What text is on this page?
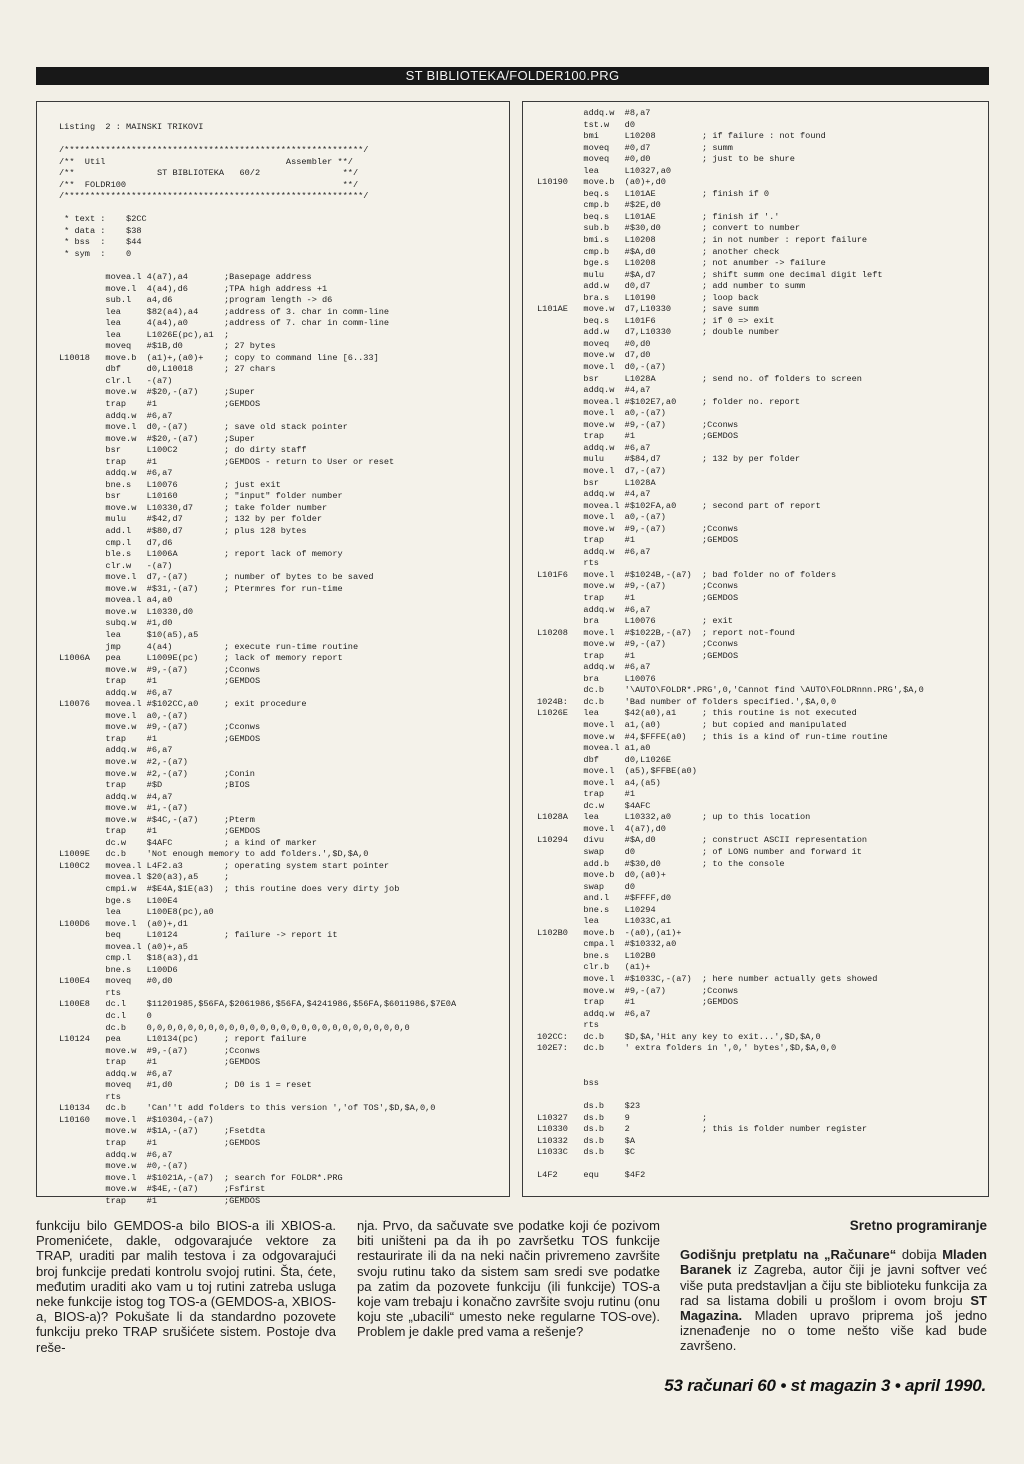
ST BIBLIOTEKA/FOLDER100.PRG
Listing  2 : MAINSKI TRIKOVI

/**********************************************************/
/**  Util                                   Assembler **/
/**                ST BIBLIOTEKA   60/2                **/
/**  FOLDR100                                          **/
/**********************************************************/

* text :    $2CC
* data :    $38
* bss  :    $44
* sym  :    0
movea.l 4(a7),a4       ;Basepage address
move.l  4(a4),d6       ;TPA high address +1
sub.l   a4,d6          ;program length -> d6
lea     $82(a4),a4     ;address of 3. char in comm-line
lea     4(a4),a0       ;address of 7. char in comm-line
lea     L1026E(pc),a1  ;
moveq   #$1B,d0        ; 27 bytes
L10018   move.b  (a1)+,(a0)+    ; copy to command line [6..33]
dbf     d0,L10018      ; 27 chars
clr.l   -(a7)
move.w  #$20,-(a7)     ;Super
trap    #1             ;GEMDOS
addq.w  #6,a7
move.l  d0,-(a7)       ; save old stack pointer
move.w  #$20,-(a7)     ;Super
bsr     L100C2         ; do dirty staff
trap    #1             ;GEMDOS - return to User or reset
addq.w  #6,a7
bne.s   L10076         ; just exit
bsr     L10160         ; "input" folder number
move.w  L10330,d7      ; take folder number
mulu    #$42,d7        ; 132 by per folder
add.l   #$80,d7        ; plus 128 bytes
cmp.l   d7,d6
ble.s   L1006A         ; report lack of memory
clr.w   -(a7)
move.l  d7,-(a7)       ; number of bytes to be saved
move.w  #$31,-(a7)     ; Ptermres for run-time
movea.l a4,a0
move.w  L10330,d0
subq.w  #1,d0
lea     $10(a5),a5
jmp     4(a4)          ; execute run-time routine
L1006A   pea     L1009E(pc)     ; lack of memory report
move.w  #9,-(a7)       ;Cconws
trap    #1             ;GEMDOS
addq.w  #6,a7
L10076   movea.l #$102CC,a0     ; exit procedure
move.l  a0,-(a7)
move.w  #9,-(a7)       ;Cconws
trap    #1             ;GEMDOS
addq.w  #6,a7
move.w  #2,-(a7)
move.w  #2,-(a7)       ;Conin
trap    #$D            ;BIOS
addq.w  #4,a7
move.w  #1,-(a7)
move.w  #$4C,-(a7)     ;Pterm
trap    #1             ;GEMDOS
dc.w    $4AFC          ; a kind of marker
L1009E   dc.b    'Not enough memory to add folders.',$D,$A,0
L100C2   movea.l L4F2.a3        ; operating system start pointer
movea.l $20(a3),a5     ;
cmpi.w  #$E4A,$1E(a3)  ; this routine does very dirty job
bge.s   L100E4
lea     L100E8(pc),a0
L100D6   move.l  (a0)+,d1
beq     L10124         ; failure -> report it
movea.l (a0)+,a5
cmp.l   $18(a3),d1
bne.s   L100D6
L100E4   moveq   #0,d0
rts
L100E8   dc.l    $11201985,$56FA,$2061986,$56FA,$4241986,$56FA,$6011986,$7E0A
dc.l    0
dc.b    0,0,0,0,0,0,0,0,0,0,0,0,0,0,0,0,0,0,0,0,0,0,0,0,0,0
L10124   pea     L10134(pc)     ; report failure
move.w  #9,-(a7)       ;Cconws
trap    #1             ;GEMDOS
addq.w  #6,a7
moveq   #1,d0          ; D0 is 1 = reset
rts
L10134   dc.b    'Can''t add folders to this version ','of TOS',$D,$A,0,0
L10160   move.l  #$10304,-(a7)
move.w  #$1A,-(a7)     ;Fsetdta
trap    #1             ;GEMDOS
addq.w  #6,a7
move.w  #0,-(a7)
move.l  #$1021A,-(a7)  ; search for FOLDR*.PRG
move.w  #$4E,-(a7)     ;Fsfirst
trap    #1             ;GEMDOS
addq.w  #8,a7
tst.w   d0
bmi     L10208         ; if failure : not found
moveq   #0,d7          ; summ
moveq   #0,d0          ; just to be shure
lea     L10327,a0
L10190   move.b  (a0)+,d0
beq.s   L101AE         ; finish if 0
cmp.b   #$2E,d0
beq.s   L101AE         ; finish if '.'
sub.b   #$30,d0        ; convert to number
bmi.s   L10208         ; in not number : report failure
cmp.b   #$A,d0         ; another check
bge.s   L10208         ; not anumber -> failure
mulu    #$A,d7         ; shift summ one decimal digit left
add.w   d0,d7          ; add number to summ
bra.s   L10190         ; loop back
L101AE   move.w  d7,L10330      ; save summ
beq.s   L101F6         ; if 0 => exit
add.w   d7,L10330      ; double number
moveq   #0,d0
move.w  d7,d0
move.l  d0,-(a7)
bsr     L1028A         ; send no. of folders to screen
addq.w  #4,a7
movea.l #$102E7,a0     ; folder no. report
move.l  a0,-(a7)
move.w  #9,-(a7)       ;Cconws
trap    #1             ;GEMDOS
addq.w  #6,a7
mulu    #$84,d7        ; 132 by per folder
move.l  d7,-(a7)
bsr     L1028A
addq.w  #4,a7
movea.l #$102FA,a0     ; second part of report
move.l  a0,-(a7)
move.w  #9,-(a7)       ;Cconws
trap    #1             ;GEMDOS
addq.w  #6,a7
rts
L101F6   move.l  #$1024B,-(a7)  ; bad folder no of folders
move.w  #9,-(a7)       ;Cconws
trap    #1             ;GEMDOS
addq.w  #6,a7
bra     L10076         ; exit
L10208   move.l  #$1022B,-(a7)  ; report not-found
move.w  #9,-(a7)       ;Cconws
trap    #1             ;GEMDOS
addq.w  #6,a7
bra     L10076
dc.b    '\AUTO\FOLDR*.PRG',0,'Cannot find \AUTO\FOLDRnnn.PRG',$A,0
1024B:   dc.b    'Bad number of folders specified.',$A,0,0
L1026E   lea     $42(a0),a1     ; this routine is not executed
move.l  a1,(a0)        ; but copied and manipulated
move.w  #4,$FFFE(a0)   ; this is a kind of run-time routine
movea.l a1,a0
dbf     d0,L1026E
move.l  (a5),$FFBE(a0)
move.l  a4,(a5)
trap    #1
dc.w    $4AFC
L1028A   lea     L10332,a0      ; up to this location
move.l  4(a7),d0
L10294   divu    #$A,d0         ; construct ASCII representation
swap    d0             ; of LONG number and forward it
add.b   #$30,d0        ; to the console
move.b  d0,(a0)+
swap    d0
and.l   #$FFFF,d0
bne.s   L10294
lea     L1033C,a1
L102B0   move.b  -(a0),(a1)+
cmpa.l  #$10332,a0
bne.s   L102B0
clr.b   (a1)+
move.l  #$1033C,-(a7)  ; here number actually gets showed
move.w  #9,-(a7)       ;Cconws
trap    #1             ;GEMDOS
addq.w  #6,a7
rts
102CC:   dc.b    $D,$A,'Hit any key to exit...',$D,$A,0
102E7:   dc.b    ' extra folders in ',0,' bytes',$D,$A,0,0

bss

ds.b    $23
L10327   ds.b    9              ;
L10330   ds.b    2              ; this is folder number register
L10332   ds.b    $A
L1033C   ds.b    $C

L4F2     equ     $4F2
funkciju bilo GEMDOS-a bilo BIOS-a ili XBIOS-a. Promenićete, dakle, odgovarajuće vektore za TRAP, uraditi par malih testova i za odgovarajući broj funkcije predati kontrolu svojoj rutini. Šta, ćete, međutim uraditi ako vam u toj rutini zatreba usluga neke funkcije istog tog TOS-a (GEMDOS-a, XBIOS-a, BIOS-a)? Pokušate li da standardno pozovete funkciju preko TRAP srušićete sistem. Postoje dva reše-
nja. Prvo, da sačuvate sve podatke koji će pozivom biti uništeni pa da ih po završetku TOS funkcije restaurirate ili da na neki način privremeno završite svoju rutinu tako da sistem sam sredi sve podatke pa zatim da pozovete funkciju (ili funkcije) TOS-a koje vam trebaju i konačno završite svoju rutinu (onu koju ste „ubacili“ umesto neke regularne TOS-ove). Problem je dakle pred vama a rešenje?
Sretno programiranje
Godišnju pretplatu na „Računare“ dobija Mladen Baranek iz Zagreba, autor čiji je javni softver već više puta predstavljan a čiju ste biblioteku funkcija za rad sa listama dobili u prošlom i ovom broju ST Magazina. Mladen upravo priprema još jedno iznenađenje no o tome nešto više kad bude završeno.
53 računari 60 • st magazin 3 • april 1990.
